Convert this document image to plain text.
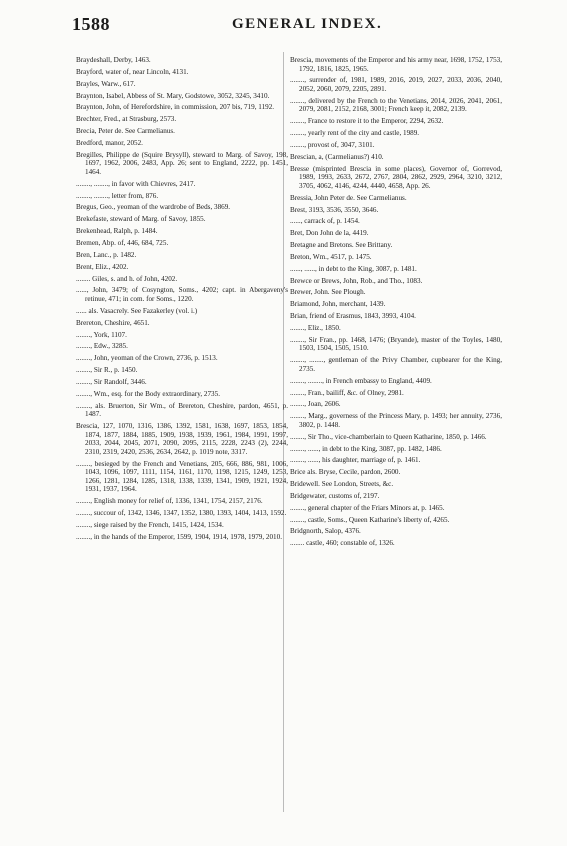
1588	GENERAL INDEX.

Braydeshall, Derby, 1463.

Brayford, water of, near Lincoln, 4131.

Brayles, Warw., 617.

Braynton, Isabel, Abbess of St. Mary, Godstowe, 3052, 3245, 3410.

Braynton, John, of Herefordshire, in commission, 207 bis, 719, 1192.

Brechter, Fred., at Strasburg, 2573.

Brecia, Peter de. See Carmelianus.

Bredford, manor, 2052.

Bregilles, Philippe de (Squire Brysyll), steward to Marg. of Savoy, 198, 1697, 1962, 2006, 2483, App. 26; sent to England, 2222, pp. 1451, 1464.

........, ........, in favor with Chievres, 2417.

........, ........, letter from, 876.

Bregus, Geo., yeoman of the wardrobe of Beds, 3869.

Brekefaste, steward of Marg. of Savoy, 1855.

Brekenhead, Ralph, p. 1484.

Bremen, Abp. of, 446, 684, 725.

Bren, Lanc., p. 1482.

Brent, Eliz., 4202.

........ Giles, s. and h. of John, 4202.

......, John, 3479; of Cosyngton, Soms., 4202; capt. in Abergaveny's retinue, 471; in com. for Soms., 1220.

...... als. Vasacrely. See Fazakerley (vol. i.)

Brereton, Cheshire, 4651.

........, York, 1107.

........, Edw., 3285.

........, John, yeoman of the Crown, 2736, p. 1513.

........, Sir R., p. 1450.

........, Sir Randolf, 3446.

........, Wm., esq. for the Body extraordinary, 2735.

........, als. Bruerton, Sir Wm., of Brereton, Cheshire, pardon, 4651, p. 1487.

Brescia, 127, 1070, 1316, 1386, 1392, 1581, 1638, 1697, 1853, 1854, 1874, 1877, 1884, 1885, 1909, 1938, 1939, 1961, 1984, 1991, 1997, 2033, 2044, 2045, 2071, 2090, 2095, 2115, 2228, 2243 (2), 2244, 2310, 2319, 2420, 2536, 2634, 2642, p. 1019 note, 3317.

........, besieged by the French and Venetians, 205, 666, 886, 981, 1006, 1043, 1096, 1097, 1111, 1154, 1161, 1170, 1198, 1215, 1249, 1253, 1266, 1281, 1284, 1285, 1318, 1338, 1339, 1341, 1909, 1921, 1924, 1931, 1937, 1964.

........, English money for relief of, 1336, 1341, 1754, 2157, 2176.

........, succour of, 1342, 1346, 1347, 1352, 1380, 1393, 1404, 1413, 1592.

........, siege raised by the French, 1415, 1424, 1534.

........, in the hands of the Emperor, 1599, 1904, 1914, 1978, 1979, 2010.

Brescia, movements of the Emperor and his army near, 1698, 1752, 1753, 1792, 1816, 1825, 1965.

........, surrender of, 1981, 1989, 2016, 2019, 2027, 2033, 2036, 2040, 2052, 2060, 2079, 2205, 2891.

........, delivered by the French to the Venetians, 2014, 2026, 2041, 2061, 2079, 2081, 2152, 2168, 3001; French keep it, 2082, 2139.

........, France to restore it to the Emperor, 2294, 2632.

........, yearly rent of the city and castle, 1989.

........, provost of, 3047, 3101.

Brescian, a, (Carmelianus?) 410.

Bresse (misprinted Brescia in some places), Governor of, Gorrevod, 1989, 1993, 2633, 2672, 2767, 2804, 2862, 2929, 2964, 3210, 3212, 3705, 4062, 4146, 4244, 4440, 4658, App. 26.

Bressia, John Peter de. See Carmelianus.

Brest, 3193, 3536, 3550, 3646.

......, carrack of, p. 1454.

Bret, Don John de la, 4419.

Bretagne and Bretons. See Brittany.

Breton, Wm., 4517, p. 1475.

......, ......, in debt to the King, 3087, p. 1481.

Brewce or Brews, John, Rob., and Tho., 1083.

Brewer, John. See Plough.

Briamond, John, merchant, 1439.

Brian, friend of Erasmus, 1843, 3993, 4104.

........, Eliz., 1850.

........, Sir Fran., pp. 1468, 1476; (Bryande), master of the Toyles, 1480, 1503, 1504, 1505, 1510.

........, ........, gentleman of the Privy Chamber, cupbearer for the King, 2735.

........, ........, in French embassy to England, 4409.

........, Fran., bailiff, &c. of Olney, 2981.

........, Joan, 2606.

........, Marg., governess of the Princess Mary, p. 1493; her annuity, 2736, 3802, p. 1448.

........, Sir Tho., vice-chamberlain to Queen Katharine, 1850, p. 1466.

........, ......, in debt to the King, 3087, pp. 1482, 1486.

........, ......, his daughter, marriage of, p. 1461.

Brice als. Bryse, Cecile, pardon, 2600.

Bridewell. See London, Streets, &c.

Bridgewater, customs of, 2197.

........, general chapter of the Friars Minors at, p. 1465.

........, castle, Soms., Queen Katharine's liberty of, 4265.

Bridgnorth, Salop, 4376.

........ castle, 460; constable of, 1326.
